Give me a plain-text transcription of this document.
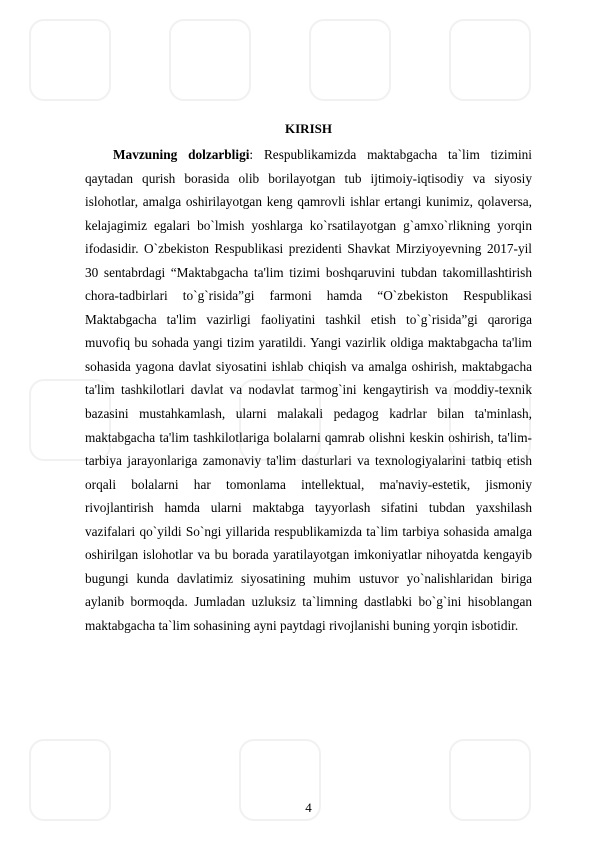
KIRISH

Mavzuning dolzarbligi: Respublikamizda maktabgacha ta`lim tizimini qaytadan qurish borasida olib borilayotgan tub ijtimoiy-iqtisodiy va siyosiy islohotlar, amalga oshirilayotgan keng qamrovli ishlar ertangi kunimiz, qolaversa, kelajagimiz egalari bo`lmish yoshlarga ko`rsatilayotgan g`amxo`rlikning yorqin ifodasidir. O`zbekiston Respublikasi prezidenti Shavkat Mirziyoyevning 2017-yil 30 sentabrdagi “Maktabgacha ta'lim tizimi boshqaruvini tubdan takomillashtirish chora-tadbirlari to`g`risida”gi farmoni hamda “O`zbekiston Respublikasi Maktabgacha ta'lim vazirligi faoliyatini tashkil etish to`g`risida”gi qaroriga muvofiq bu sohada yangi tizim yaratildi. Yangi vazirlik oldiga maktabgacha ta'lim sohasida yagona davlat siyosatini ishlab chiqish va amalga oshirish, maktabgacha ta'lim tashkilotlari davlat va nodavlat tarmog`ini kengaytirish va moddiy-texnik bazasini mustahkamlash, ularni malakali pedagog kadrlar bilan ta'minlash, maktabgacha ta'lim tashkilotlariga bolalarni qamrab olishni keskin oshirish, ta'lim-tarbiya jarayonlariga zamonaviy ta'lim dasturlari va texnologiyalarini tatbiq etish orqali bolalarni har tomonlama intellektual, ma'naviy-estetik, jismoniy rivojlantirish hamda ularni maktabga tayyorlash sifatini tubdan yaxshilash vazifalari qo`yildi So`ngi yillarida respublikamizda ta`lim tarbiya sohasida amalga oshirilgan islohotlar va bu borada yaratilayotgan imkoniyatlar nihoyatda kengayib bugungi kunda davlatimiz siyosatining muhim ustuvor yo`nalishlaridan biriga aylanib bormoqda. Jumladan uzluksiz ta`limning dastlabki bo`g`ini hisoblangan maktabgacha ta`lim sohasining ayni paytdagi rivojlanishi buning yorqin isbotidir.

4
